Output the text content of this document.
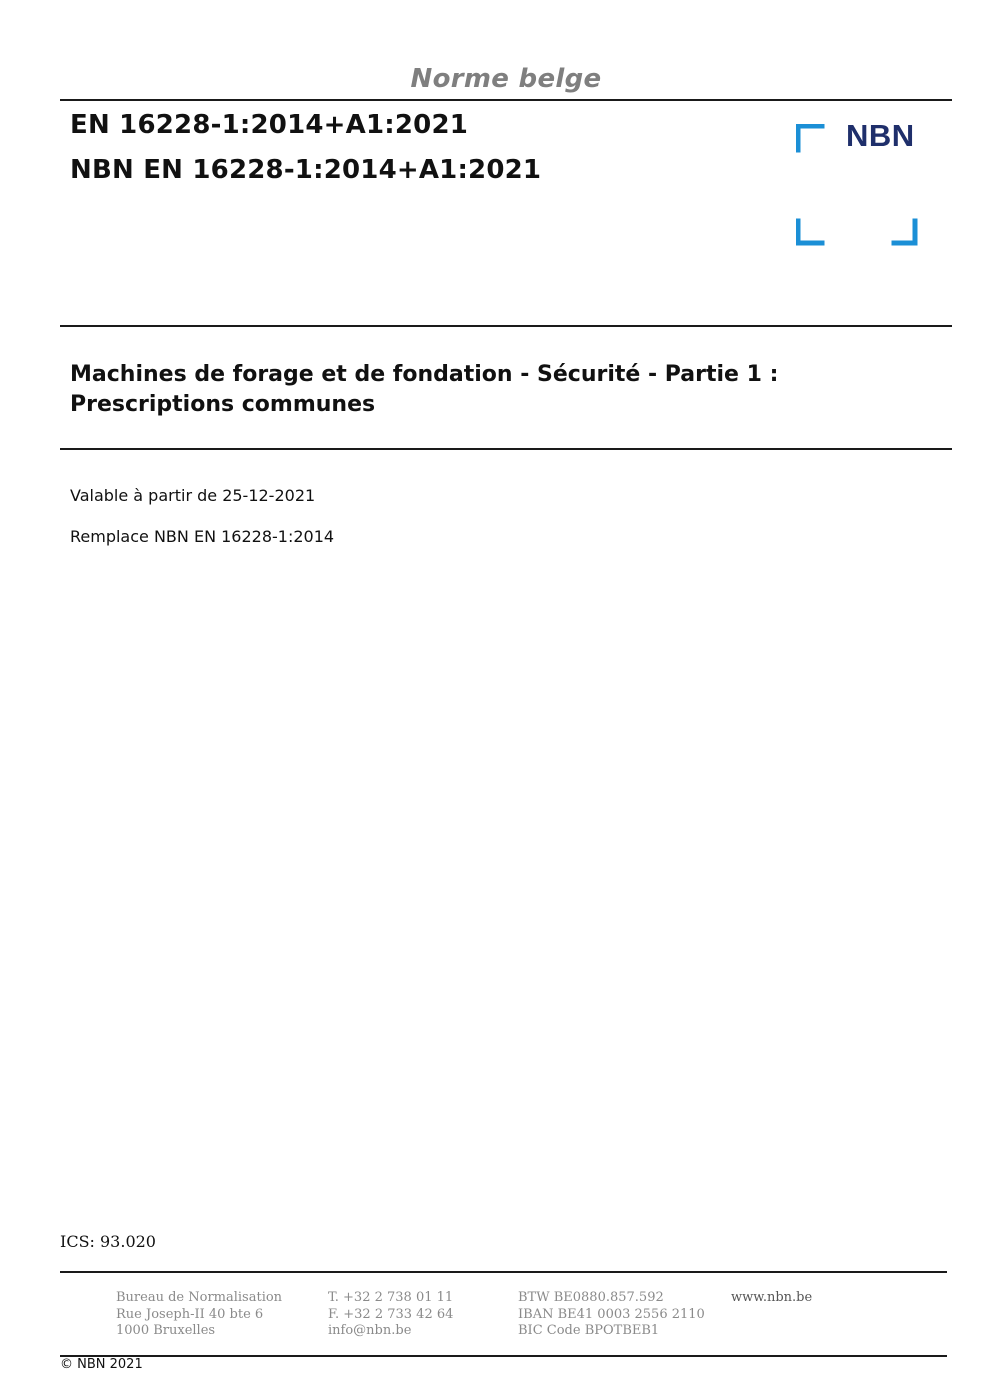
Norme belge
EN 16228-1:2014+A1:2021
NBN EN 16228-1:2014+A1:2021
NBN
Machines de forage et de fondation - Sécurité - Partie 1 :
Prescriptions communes
Valable à partir de 25-12-2021
Remplace NBN EN 16228-1:2014
ICS: 93.020
Bureau de Normalisation
Rue Joseph-II 40 bte 6
1000 Bruxelles
T. +32 2 738 01 11
F. +32 2 733 42 64
info@nbn.be
BTW BE0880.857.592
IBAN BE41 0003 2556 2110
BIC Code BPOTBEB1
www.nbn.be
© NBN 2021
